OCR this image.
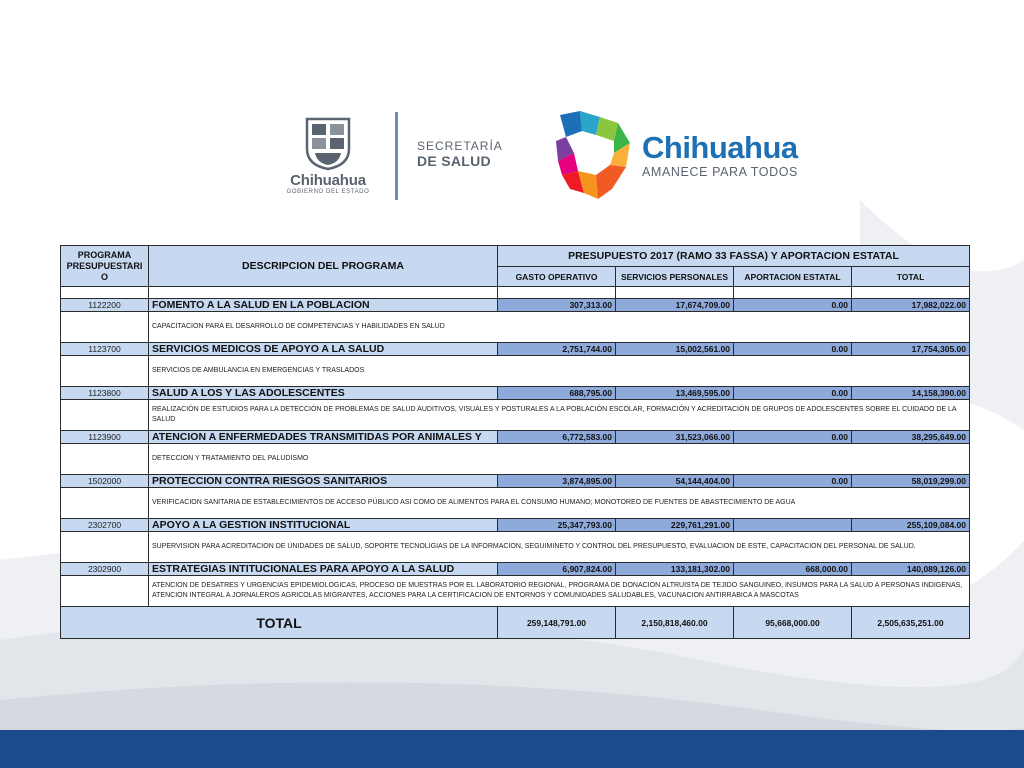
Chihuahua
GOBIERNO DEL ESTADO
SECRETARÍA
DE SALUD	Chihuahua
AMANECE PARA TODOS
PROGRAMA PRESUPUESTARI O	DESCRIPCION DEL PROGRAMA	PRESUPUESTO 2017 (RAMO 33 FASSA) Y APORTACION ESTATAL			
		GASTO OPERATIVO	SERVICIOS PERSONALES	APORTACION ESTATAL	TOTAL

1122200	FOMENTO A LA SALUD EN LA POBLACION	307,313.00	17,674,709.00	0.00	17,982,022.00
	CAPACITACION PARA EL DESARROLLO DE COMPETENCIAS Y HABILIDADES EN SALUD				
1123700	SERVICIOS MEDICOS DE APOYO A LA SALUD	2,751,744.00	15,002,561.00	0.00	17,754,305.00
	SERVICIOS DE AMBULANCIA EN EMERGENCIAS Y TRASLADOS				
1123800	SALUD A LOS Y LAS ADOLESCENTES	688,795.00	13,469,595.00	0.00	14,158,390.00
	REALIZACIÓN DE ESTUDIOS PARA LA DETECCIÓN DE PROBLEMAS DE SALUD AUDITIVOS, VISUALES Y POSTURALES A LA POBLACIÓN ESCOLAR, FORMACIÓN Y ACREDITACIÓN DE GRUPOS DE ADOLESCENTES SOBRE EL CUIDADO DE LA SALUD				
1123900	ATENCION A ENFERMEDADES TRANSMITIDAS POR ANIMALES Y	6,772,583.00	31,523,066.00	0.00	38,295,649.00
	DETECCION Y TRATAMIENTO DEL PALUDISMO				
1502000	PROTECCION CONTRA RIESGOS SANITARIOS	3,874,895.00	54,144,404.00	0.00	58,019,299.00
	VERIFICACION SANITARIA DE ESTABLECIMIENTOS DE ACCESO PÚBLICO ASI COMO DE ALIMENTOS PARA EL CONSUMO HUMANO; MONOTOREO DE FUENTES DE ABASTECIMIENTO DE AGUA				
2302700	APOYO A LA GESTION INSTITUCIONAL	25,347,793.00	229,761,291.00		255,109,084.00
	SUPERVISION PARA ACREDITACION DE UNIDADES DE SALUD, SOPORTE TECNOLIGIAS DE LA INFORMACION, SEGUIMINETO Y CONTROL DEL PRESUPUESTO, EVALUACION DE ESTE, CAPACITACION DEL PERSONAL DE SALUD.				
2302900	ESTRATEGIAS INTITUCIONALES PARA APOYO A LA SALUD	6,907,824.00	133,181,302.00	668,000.00	140,089,126.00
	ATENCION DE DESATRES Y URGENCIAS EPIDEMIOLOGICAS, PROCESO DE MUESTRAS POR EL LABORATORIO REGIONAL, PROGRAMA DE DONACION ALTRUISTA DE TEJIDO SANGUINEO, INSUMOS PARA LA SALUD A PERSONAS INDIGENAS, ATENCION INTEGRAL A JORNALEROS AGRICOLAS MIGRANTES, ACCIONES PARA LA CERTIFICACION DE ENTORNOS Y COMUNIDADES SALUDABLES, VACUNACION ANTIRRABICA A MASCOTAS				
TOTAL		259,148,791.00	2,150,818,460.00	95,668,000.00	2,505,635,251.00
